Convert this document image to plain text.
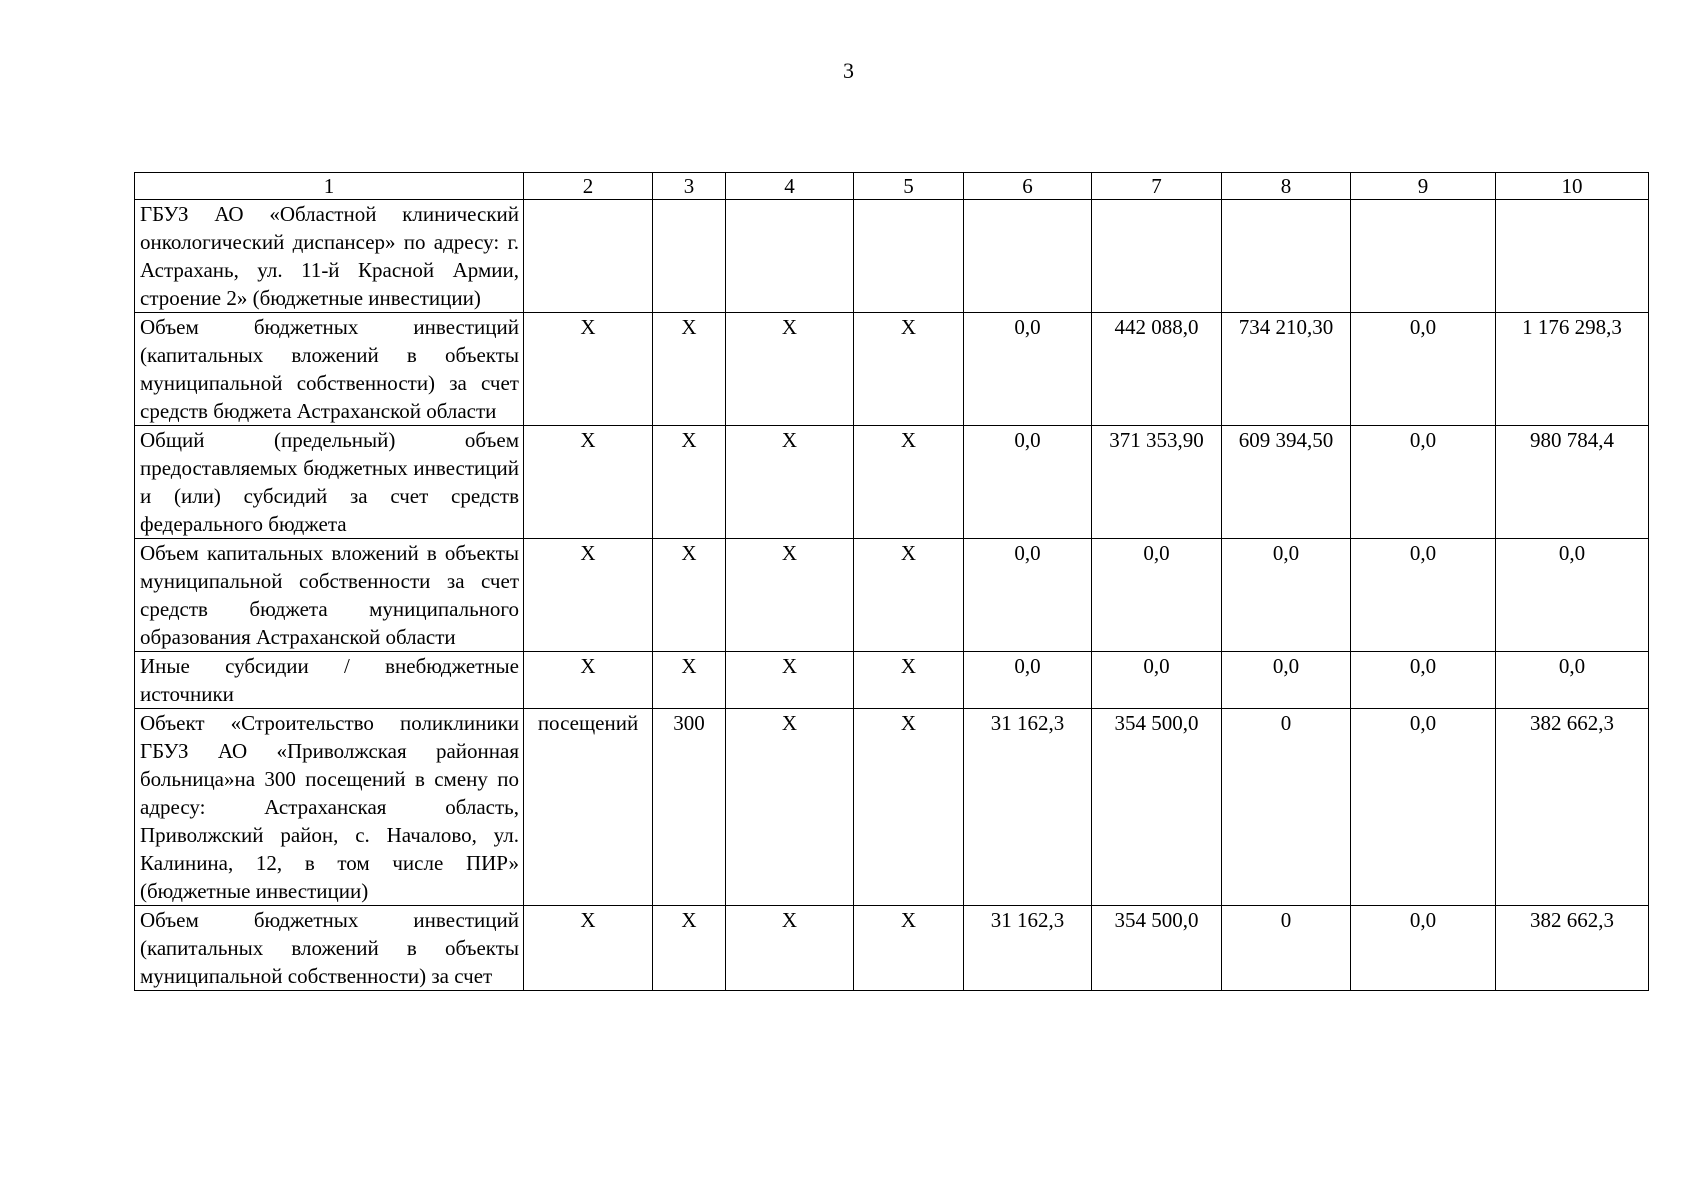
3
1	2	3	4	5	6	7	8	9	10
ГБУЗ АО «Областной клинический онкологический диспансер» по адресу: г. Астрахань, ул. 11-й Красной Армии, строение 2» (бюджетные инвестиции)									
Объем бюджетных инвестиций (капитальных вложений в объекты муниципальной собственности) за счет средств бюджета Астраханской области	X	X	X	X	0,0	442 088,0	734 210,30	0,0	1 176 298,3
Общий (предельный) объем предоставляемых бюджетных инвестиций и (или) субсидий за счет средств федерального бюджета	X	X	X	X	0,0	371 353,90	609 394,50	0,0	980 784,4
Объем капитальных вложений в объекты муниципальной собственности за счет средств бюджета муниципального образования Астраханской области	X	X	X	X	0,0	0,0	0,0	0,0	0,0
Иные субсидии / внебюджетные источники	X	X	X	X	0,0	0,0	0,0	0,0	0,0
Объект «Строительство поликлиники ГБУЗ АО «Приволжская районная больница»на 300 посещений в смену по адресу: Астраханская область, Приволжский район, с. Началово, ул. Калинина, 12, в том числе ПИР» (бюджетные инвестиции)	посещений	300	X	X	31 162,3	354 500,0	0	0,0	382 662,3
Объем бюджетных инвестиций (капитальных вложений в объекты муниципальной собственности) за счет	X	X	X	X	31 162,3	354 500,0	0	0,0	382 662,3
